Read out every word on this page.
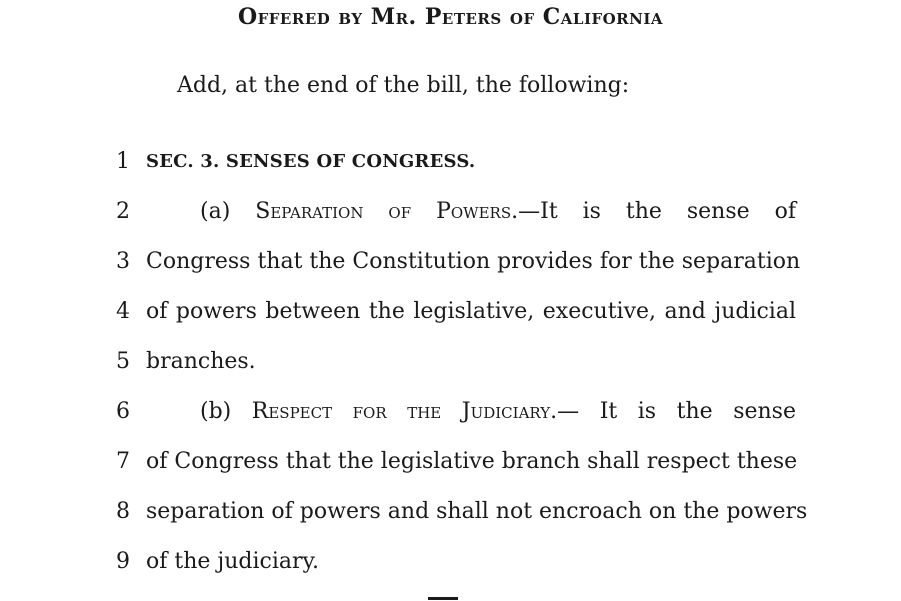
Offered by Mr. Peters of California
Add, at the end of the bill, the following:
1 SEC. 3. SENSES OF CONGRESS.
2	(a) Separation of Powers.—It is the sense of
3 Congress that the Constitution provides for the separation
4 of powers between the legislative, executive, and judicial
5 branches.
6	(b) Respect for the Judiciary.— It is the sense
7 of Congress that the legislative branch shall respect these
8 separation of powers and shall not encroach on the powers
9 of the judiciary.
